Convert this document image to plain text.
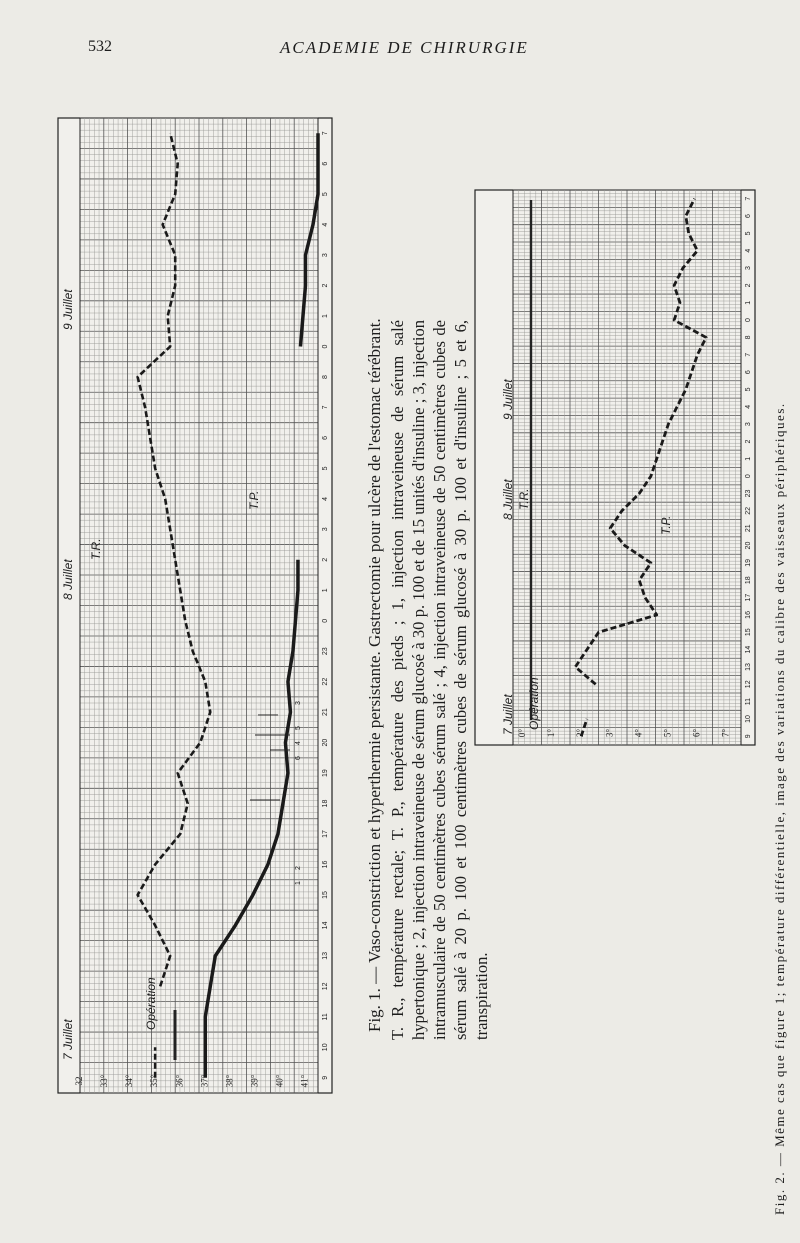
532	ACADEMIE DE CHIRURGIE
9
10
11
12
13
14
15
16
17
18
19
20
21
22
23
0
1
2
3
4
5
6
7
8
0
1
2
3
4
5
6
7
41°
40°
39°
38°
37°
36°
35°
34°
33°
32
7 Juillet
8 Juillet
9 Juillet
Opération
T.R.
T.P.
1
2
3
4
5
6	Fig. 1. — Vaso-constriction et hyperthermie persistante. Gastrectomie pour ulcère de l'estomac térébrant. T. R., température rectale; T. P., température des pieds ; 1, injection intraveineuse de sérum salé hypertonique ; 2, injection intraveineuse de sérum glucosé à 30 p. 100 et de 15 unités d'insuline ; 3, injection intramusculaire de 50 centimètres cubes sérum salé ; 4, injection intraveineuse de 50 centimètres cubes de sérum salé à 20 p. 100 et 100 centimètres cubes de sérum glucosé à 30 p. 100 et d'insuline ; 5 et 6, transpiration.
9
10
11
12
13
14
15
16
17
18
19
20
21
22
23
0
1
2
3
4
5
6
7
8
0
1
2
3
4
5
6
7
0° 1° 2° 3° 4° 5° 6° 7°
7 Juillet Opération
8 Juillet
9 Juillet
T.R.
T.P.	Fig. 2. — Même cas que figure 1; température différentielle, image des variations du calibre des vaisseaux périphériques.
